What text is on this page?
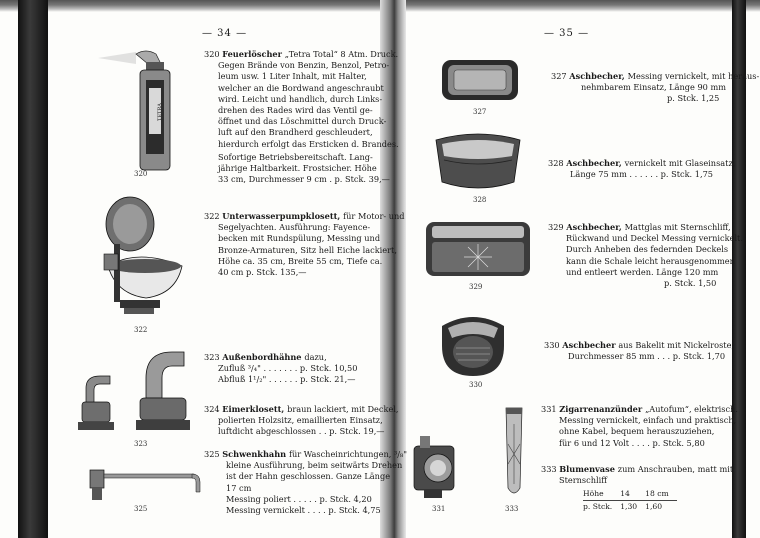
— 34 —	— 35 —
TETRA
320
322
323
325
320 Feuerlöscher „Tetra Total“ 8 Atm. Druck.
Gegen Brände von Benzin, Benzol, Petro-
leum usw. 1 Liter Inhalt, mit Halter,
welcher an die Bordwand angeschraubt
wird. Leicht und handlich, durch Links-
drehen des Rades wird das Ventil ge-
öffnet und das Löschmittel durch Druck-
luft auf den Brandherd geschleudert,
hierdurch erfolgt das Ersticken d. Brandes.
Sofortige Betriebsbereitschaft. Lang-
jährige Haltbarkeit. Frostsicher. Höhe
33 cm, Durchmesser 9 cm . p. Stck. 39,—
322 Unterwasserpumpklosett, für Motor- und
Segelyachten. Ausführung: Fayence-
becken mit Rundspülung, Messing und
Bronze-Armaturen, Sitz hell Eiche lackiert,
Höhe ca. 35 cm, Breite 55 cm, Tiefe ca.
40 cm p. Stck. 135,—
323 Außenbordhähne dazu,
Zufluß ³/₄" . . . . . . . p. Stck. 10,50
Abfluß 1¹/₂" . . . . . . p. Stck. 21,—
324 Eimerklosett, braun lackiert, mit Deckel,
polierten Holzsitz, emaillierten Einsatz,
luftdicht abgeschlossen . . p. Stck. 19,—
325 Schwenkhahn für Wascheinrichtungen, ³/₈"
kleine Ausführung, beim seitwärts Drehen
ist der Hahn geschlossen. Ganze Länge
17 cm
Messing poliert . . . . . p. Stck. 4,20
Messing vernickelt . . . . p. Stck. 4,75
327
328
329
330
331	333
327 Aschbecher, Messing vernickelt, mit heraus-
nehmbarem Einsatz, Länge 90 mm
p. Stck. 1,25
328 Aschbecher, vernickelt mit Glaseinsatz,
Länge 75 mm . . . . . . p. Stck. 1,75
329 Aschbecher, Mattglas mit Sternschliff,
Rückwand und Deckel Messing vernickelt.
Durch Anheben des federnden Deckels
kann die Schale leicht herausgenommen
und entleert werden. Länge 120 mm
p. Stck. 1,50
330 Aschbecher aus Bakelit mit Nickelroste,
Durchmesser 85 mm . . . p. Stck. 1,70
331 Zigarrenanzünder „Autofum“, elektrisch.
Messing vernickelt, einfach und praktisch,
ohne Kabel, bequem herauszuziehen,
für 6 und 12 Volt . . . . p. Stck. 5,80
333 Blumenvase zum Anschrauben, matt mit
Sternschliff
Höhe	14	18 cm
p. Stck.	1,30	1,60
